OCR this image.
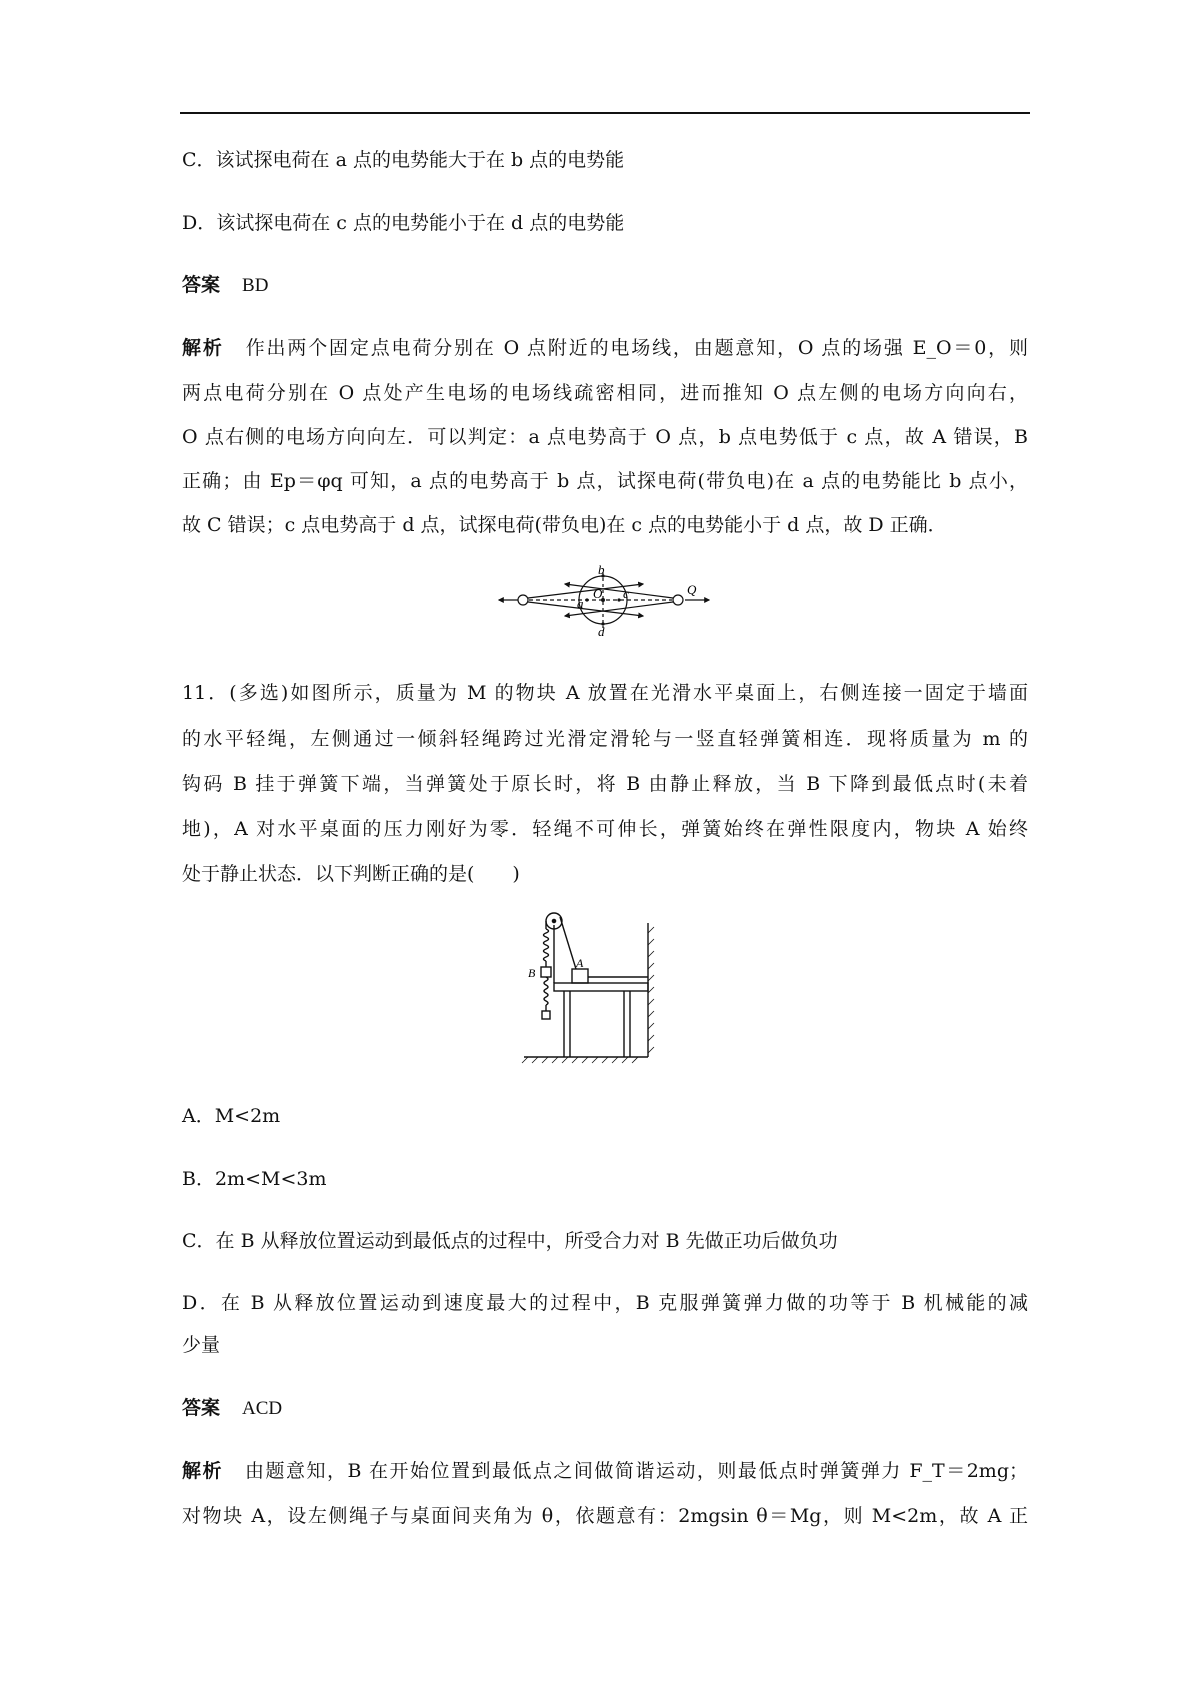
C．该试探电荷在 a 点的电势能大于在 b 点的电势能
D．该试探电荷在 c 点的电势能小于在 d 点的电势能
答案 BD
解析 作出两个固定点电荷分别在 O 点附近的电场线，由题意知，O 点的场强 E_O＝0，则
两点电荷分别在 O 点处产生电场的电场线疏密相同，进而推知 O 点左侧的电场方向向右，
O 点右侧的电场方向向左．可以判定：a 点电势高于 O 点，b 点电势低于 c 点，故 A 错误，B
正确；由 Ep＝φq 可知，a 点的电势高于 b 点，试探电荷(带负电)在 a 点的电势能比 b 点小，
故 C 错误；c 点电势高于 d 点，试探电荷(带负电)在 c 点的电势能小于 d 点，故 D 正确．
b
a
O c
d
Q
11．(多选)如图所示，质量为 M 的物块 A 放置在光滑水平桌面上，右侧连接一固定于墙面
的水平轻绳，左侧通过一倾斜轻绳跨过光滑定滑轮与一竖直轻弹簧相连．现将质量为 m 的
钩码 B 挂于弹簧下端，当弹簧处于原长时，将 B 由静止释放，当 B 下降到最低点时(未着
地)，A 对水平桌面的压力刚好为零．轻绳不可伸长，弹簧始终在弹性限度内，物块 A 始终
处于静止状态．以下判断正确的是(　　)
A
B
A．M<2m
B．2m<M<3m
C．在 B 从释放位置运动到最低点的过程中，所受合力对 B 先做正功后做负功
D．在 B 从释放位置运动到速度最大的过程中，B 克服弹簧弹力做的功等于 B 机械能的减
少量
答案 ACD
解析 由题意知，B 在开始位置到最低点之间做简谐运动，则最低点时弹簧弹力 F_T＝2mg；
对物块 A，设左侧绳子与桌面间夹角为 θ，依题意有：2mgsin θ＝Mg，则 M<2m，故 A 正
